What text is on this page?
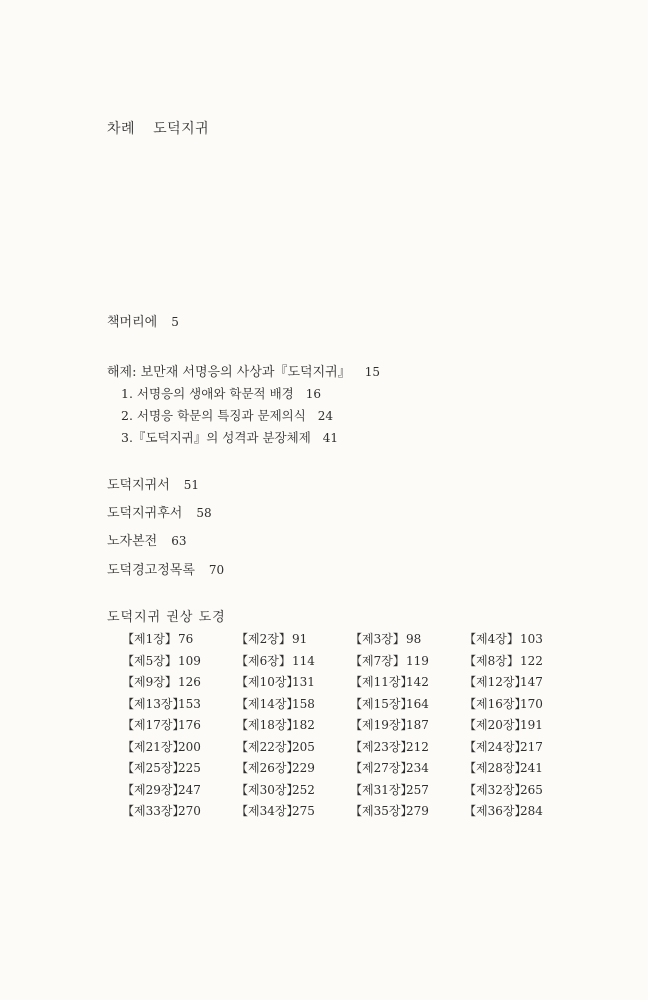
차례 도덕지귀
책머리에 5
해제: 보만재 서명응의 사상과『도덕지귀』 15
1. 서명응의 생애와 학문적 배경 16
2. 서명응 학문의 특징과 문제의식 24
3.『도덕지귀』의 성격과 분장체제 41
도덕지귀서 51
도덕지귀후서 58
노자본전 63
도덕경고정목록 70
도덕지귀 권상 도경
【제1장】76	【제2장】91	【제3장】98	【제4장】103
【제5장】109	【제6장】114	【제7장】119	【제8장】122
【제9장】126	【제10장】131	【제11장】142	【제12장】147
【제13장】153	【제14장】158	【제15장】164	【제16장】170
【제17장】176	【제18장】182	【제19장】187	【제20장】191
【제21장】200	【제22장】205	【제23장】212	【제24장】217
【제25장】225	【제26장】229	【제27장】234	【제28장】241
【제29장】247	【제30장】252	【제31장】257	【제32장】265
【제33장】270	【제34장】275	【제35장】279	【제36장】284
